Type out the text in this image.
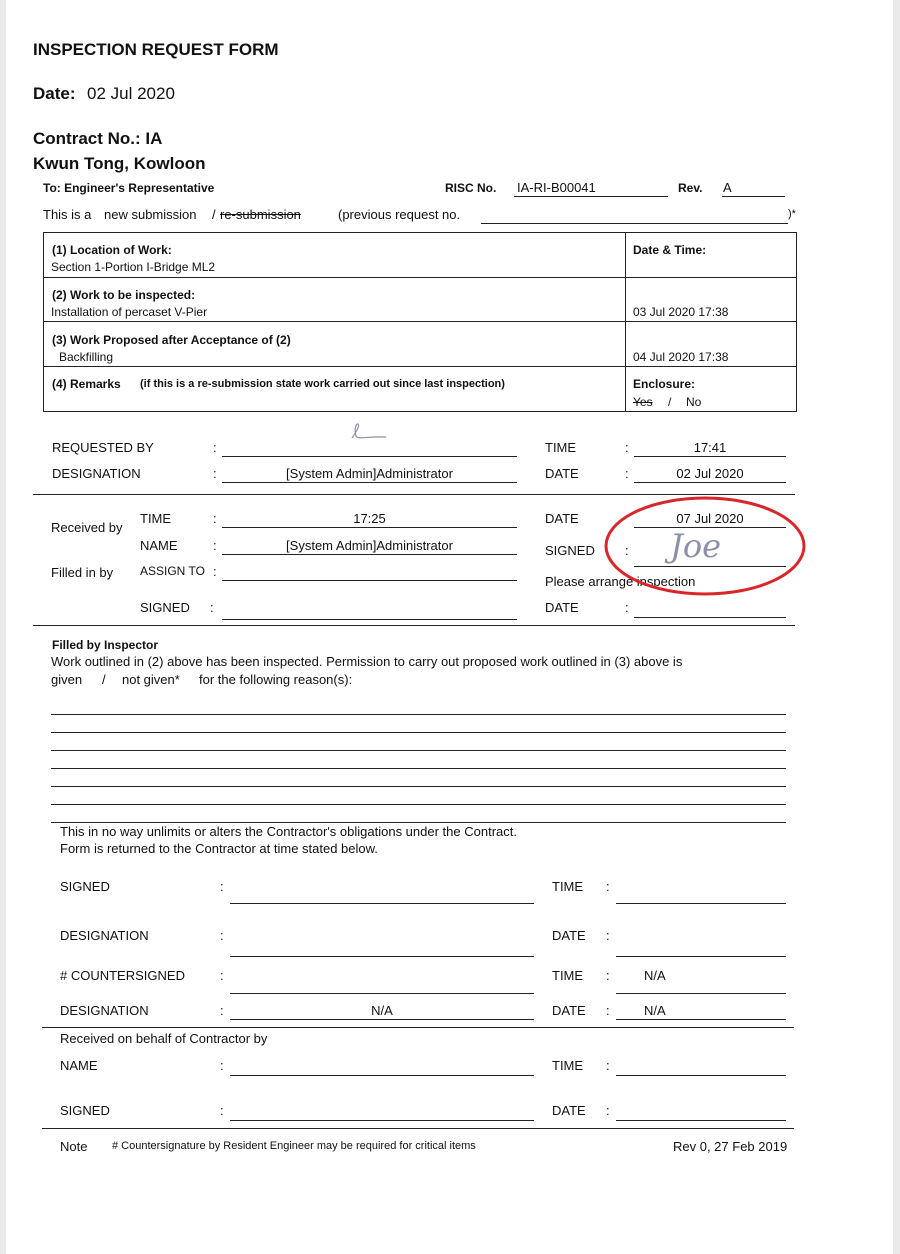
INSPECTION REQUEST FORM
Date: 02 Jul 2020
Contract No.: IA
Kwun Tong, Kowloon
To: Engineer's Representative	RISC No. IA-RI-B00041	Rev. A
This is a new submission / re-submission	(previous request no.	)*
(1) Location of Work:
Section 1-Portion I-Bridge ML2
Date & Time:
(2) Work to be inspected:
Installation of percaset V-Pier	03 Jul 2020 17:38
(3) Work Proposed after Acceptance of (2)
Backfilling	04 Jul 2020 17:38
(4) Remarks (if this is a re-submission state work carried out since last inspection)	Enclosure:
Yes / No
REQUESTED BY	:	TIME	:	17:41
DESIGNATION	:	[System Admin]Administrator	DATE	:	02 Jul 2020
Received by
TIME	:	17:25	DATE	07 Jul 2020
NAME	:	[System Admin]Administrator	SIGNED : Joe
Filled in by ASSIGN TO :
Please arrange inspection
SIGNED :	DATE	:
Filled by Inspector
Work outlined in (2) above has been inspected. Permission to carry out proposed work outlined in (3) above is
given / not given* for the following reason(s):
This in no way unlimits or alters the Contractor's obligations under the Contract.
Form is returned to the Contractor at time stated below.
SIGNED	:	TIME :
DESIGNATION	:	DATE :
# COUNTERSIGNED	:	TIME :	N/A
DESIGNATION	:	N/A	DATE :	N/A
Received on behalf of Contractor by
NAME	:	TIME :
SIGNED	:	DATE :
Note # Countersignature by Resident Engineer may be required for critical items	Rev 0, 27 Feb 2019
